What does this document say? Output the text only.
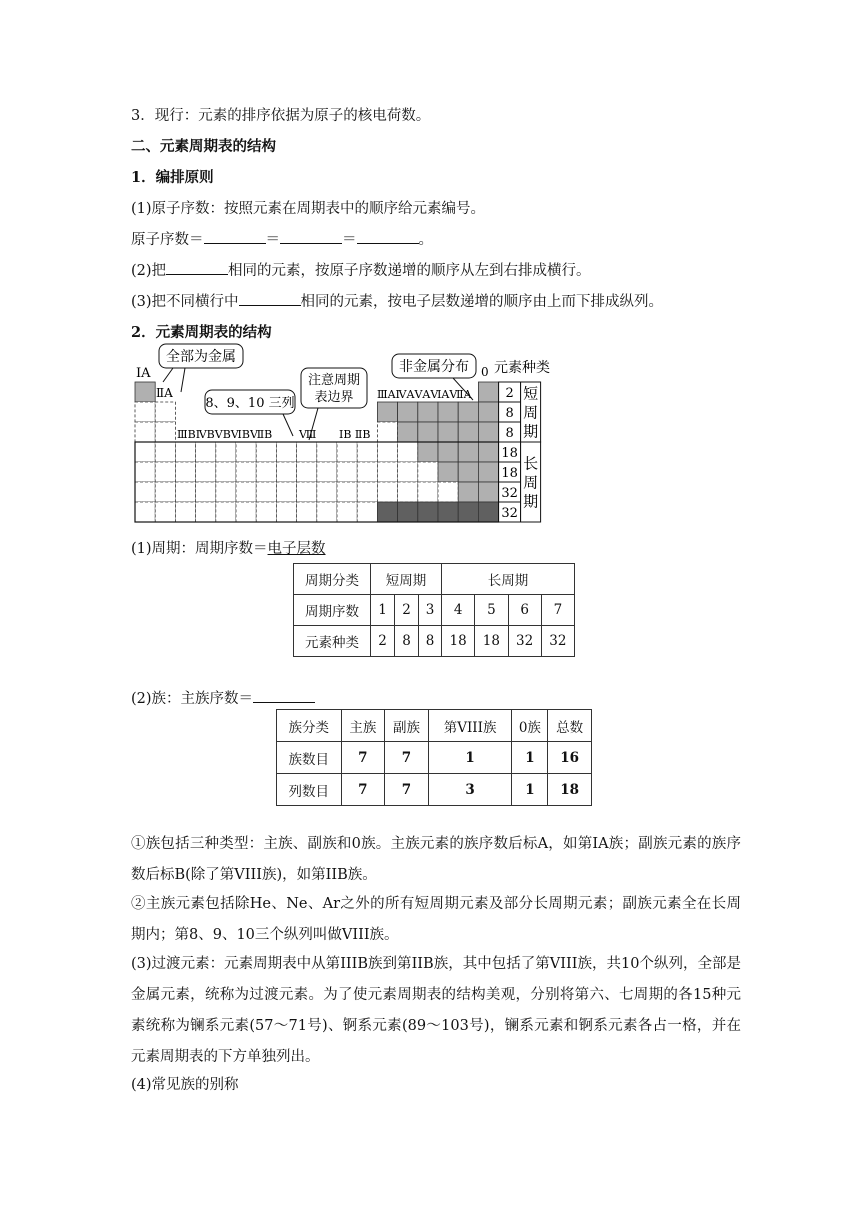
3．现行：元素的排序依据为原子的核电荷数。
二、元素周期表的结构
1．编排原则
(1)原子序数：按照元素在周期表中的顺序给元素编号。
原子序数＝	＝	＝	。
(2)把	相同的元素，按原子序数递增的顺序从左到右排成横行。
(3)把不同横行中	相同的元素，按电子层数递增的顺序由上而下排成纵列。
2．元素周期表的结构
全部为金属
8、9、10 三列
注意周期
表边界
非金属分布
ⅠA
ⅡA
ⅢBⅣBⅤBⅥBⅦB Ⅷ ⅠB ⅡB
ⅢAⅣAⅤAⅥAⅦA
0 元素种类
2
8
8
18
18
32
32
短周期
长周期
(1)周期：周期序数＝电子层数
周期分类	短周期			长周期			
周期序数	1	2	3	4	5	6	7
元素种类	2	8	8	18	18	32	32
(2)族：主族序数＝
族分类	主族	副族	第VIII族	0族	总数
族数目	7	7	1	1	16
列数目	7	7	3	1	18
①族包括三种类型：主族、副族和0族。主族元素的族序数后标A，如第IA族；副族元素的族序数后标B(除了第VIII族)，如第IIB族。
②主族元素包括除He、Ne、Ar之外的所有短周期元素及部分长周期元素；副族元素全在长周期内；第8、9、10三个纵列叫做VIII族。
(3)过渡元素：元素周期表中从第IIIB族到第IIB族，其中包括了第VIII族，共10个纵列，全部是金属元素，统称为过渡元素。为了使元素周期表的结构美观，分别将第六、七周期的各15种元素统称为镧系元素(57～71号)、锕系元素(89～103号)，镧系元素和锕系元素各占一格，并在元素周期表的下方单独列出。
(4)常见族的别称
